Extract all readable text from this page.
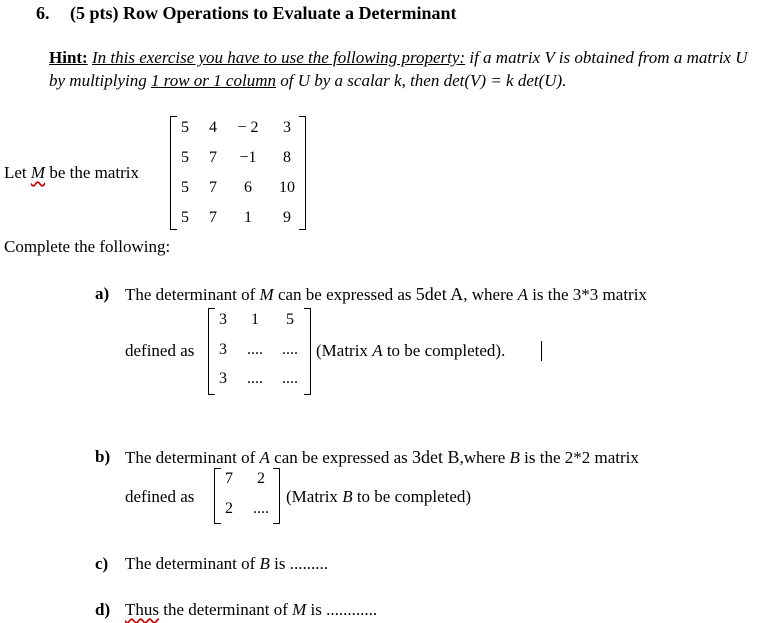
6. (5 pts) Row Operations to Evaluate a Determinant
Hint: In this exercise you have to use the following property: if a matrix V is obtained from a matrix U by multiplying 1 row or 1 column of U by a scalar k, then det(V) = k det(U).
Let M be the matrix
5	4	− 2	3
5	7	−1	8
5	7	6	10
5	7	1	9
Complete the following:
a) The determinant of M can be expressed as 5det A, where A is the 3*3 matrix
defined as
3	1	5
3	....	....
3	....	....
(Matrix A to be completed).
b) The determinant of A can be expressed as 3det B,where B is the 2*2 matrix
defined as
7	2
2	....
(Matrix B to be completed)
c) The determinant of B is .........
d) Thus the determinant of M is ............
